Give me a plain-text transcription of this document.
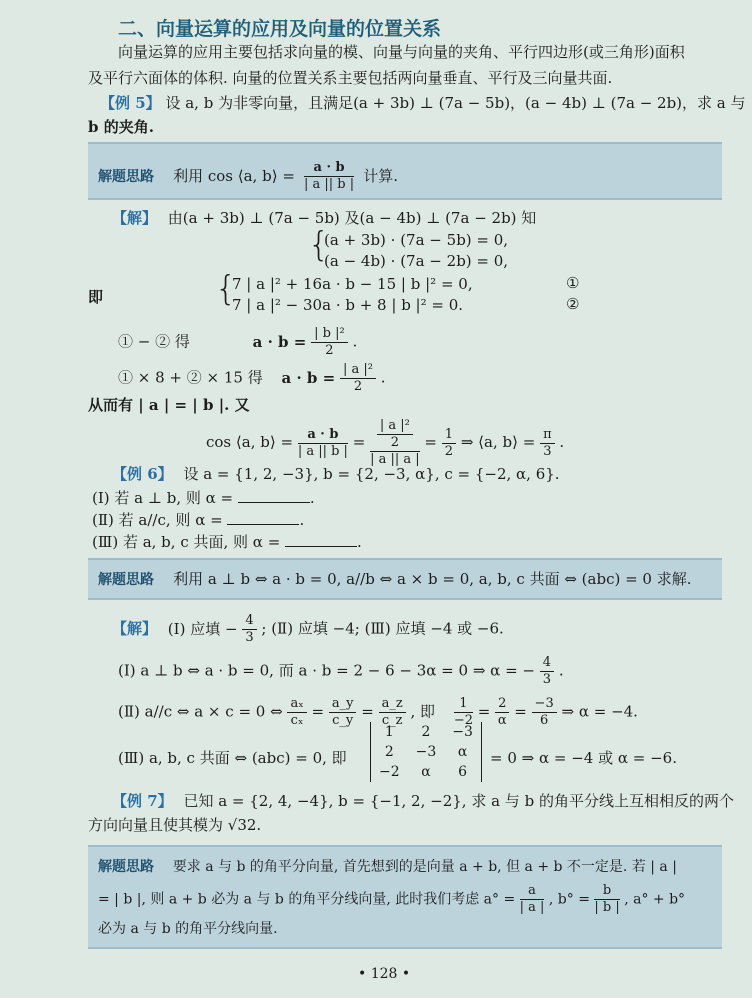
二、向量运算的应用及向量的位置关系
向量运算的应用主要包括求向量的模、向量与向量的夹角、平行四边形(或三角形)面积
及平行六面体的体积. 向量的位置关系主要包括两向量垂直、平行及三向量共面.
【例 5】 设 a, b 为非零向量，且满足(a + 3b) ⊥ (7a − 5b)，(a − 4b) ⊥ (7a − 2b)，求 a 与
b 的夹角.
解题思路 利用 cos ⟨a, b⟩ = $\frac{a \cdot b}{| a || b |}$ 计算.
【解】 由(a + 3b) ⊥ (7a − 5b) 及(a − 4b) ⊥ (7a − 2b) 知
{
(a + 3b) · (7a − 5b) = 0,
(a − 4b) · (7a − 2b) = 0,
即	{
7 | a |² + 16a · b − 15 | b |² = 0,
7 | a |² − 30a · b + 8 | b |² = 0.
①
②
① − ② 得	$a \cdot b = \frac{\text{| b |²}}{2}$ .
① × 8 + ② × 15 得 $a \cdot b = \frac{\text{| a |²}}{2}$ .
从而有 | a | = | b |. 又
cos ⟨a, b⟩ = $\frac{a \cdot b}{| a || b |} = \frac{\frac{\text{| a |²}}{2}}{| a || a |} = \frac{1}{2}$ ⇒ ⟨a, b⟩ = $\frac{\pi}{3}$ .
【例 6】 设 a = {1, 2, −3}, b = {2, −3, α}, c = {−2, α, 6}.
(Ⅰ) 若 a ⊥ b, 则 α =	.
(Ⅱ) 若 a//c, 则 α =	.
(Ⅲ) 若 a, b, c 共面, 则 α =	.
解题思路 利用 a ⊥ b ⇔ a · b = 0, a//b ⇔ a × b = 0, a, b, c 共面 ⇔ (abc) = 0 求解.
【解】 (Ⅰ) 应填 − $\frac{4}{3}$ ; (Ⅱ) 应填 −4; (Ⅲ) 应填 −4 或 −6.
(Ⅰ) a ⊥ b ⇔ a · b = 0, 而 a · b = 2 − 6 − 3α = 0 ⇒ α = − $\frac{4}{3}$ .
(Ⅱ) a//c ⇔ a × c = 0 ⇔ $\frac{\text{aₓ}}{\text{cₓ}} = \frac{a\_y}{c\_y} = \frac{a\_z}{c\_z}$ , 即 $\frac{1}{-2} = \frac{2}{\alpha} = \frac{-3}{6}$ ⇒ α = −4.
(Ⅲ) a, b, c 共面 ⇔ (abc) = 0, 即
1	2	−3
2	−3	α
−2	α	6
= 0 ⇒ α = −4 或 α = −6.
【例 7】 已知 a = {2, 4, −4}, b = {−1, 2, −2}, 求 a 与 b 的角平分线上互相相反的两个
方向向量且使其模为 √32.
解题思路 要求 a 与 b 的角平分向量, 首先想到的是向量 a + b, 但 a + b 不一定是. 若 | a |
= | b |, 则 a + b 必为 a 与 b 的角平分线向量, 此时我们考虑 $a^\circ = \frac{a}{| a |}$ , $b^\circ = \frac{b}{| b |}$ , a° + b°
必为 a 与 b 的角平分线向量.
• 128 •
